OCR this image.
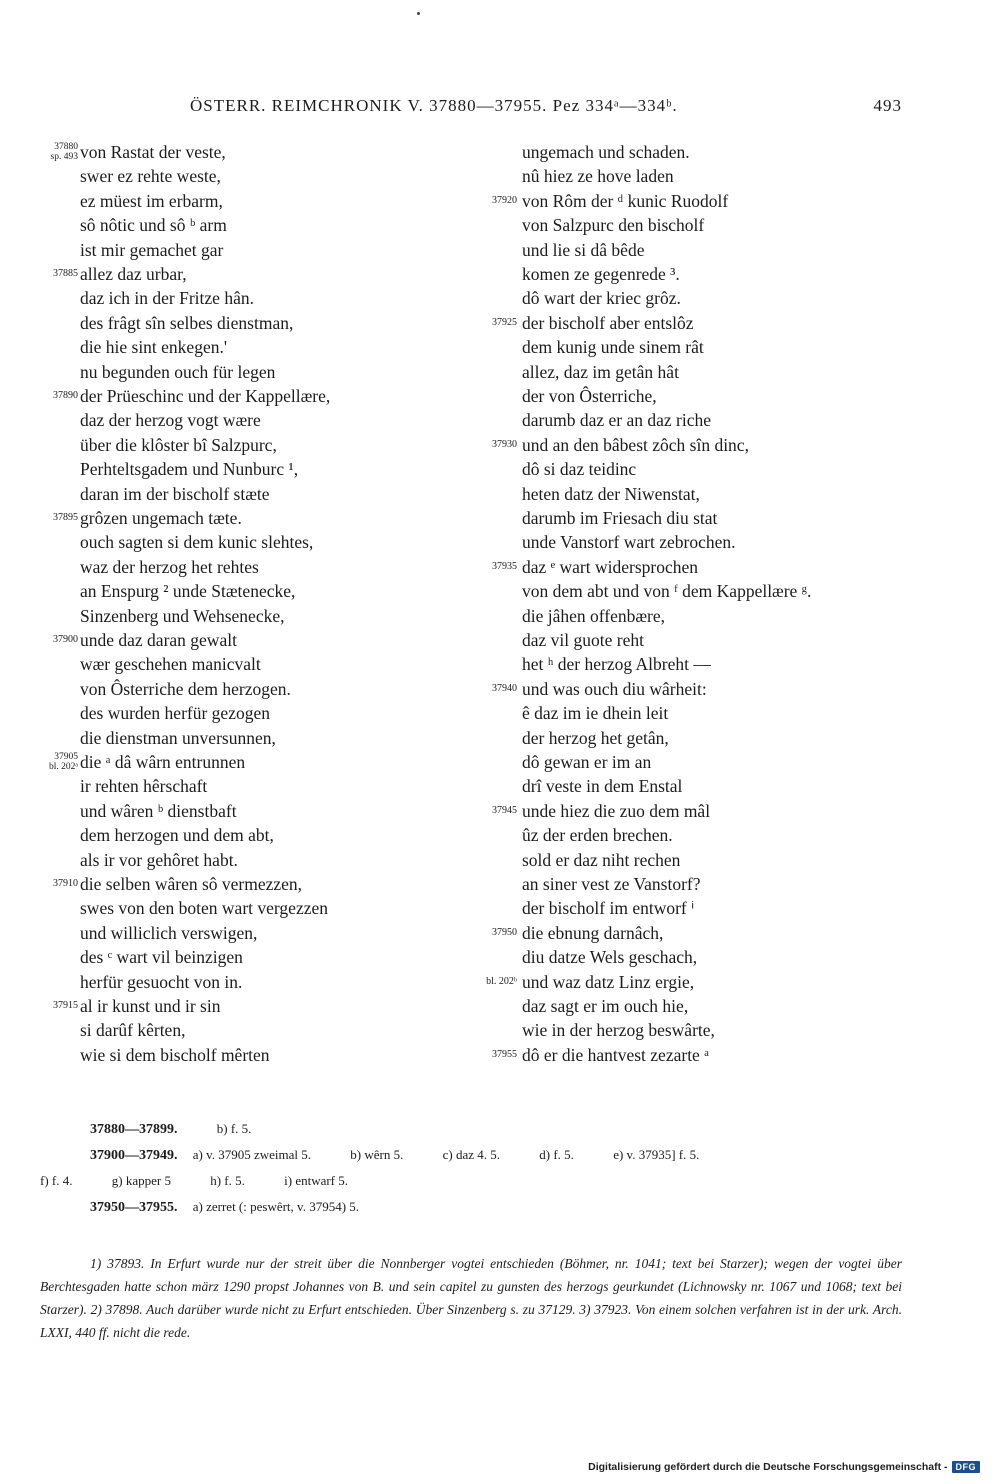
ÖSTERR. REIMCHRONIK V. 37880—37955. Pez 334ᵃ—334ᵇ.	493
37880
sp. 493
37885
37890
37895
37900
37905
bl. 202ᵃ
37910
37915
von Rastat der veste,
swer ez rehte weste,
ez müest im erbarm,
sô nôtic und sô ᵇ arm
ist mir gemachet gar
allez daz urbar,
daz ich in der Fritze hân.
des frâgt sîn selbes dienstman,
die hie sint enkegen.'
nu begunden ouch für legen
der Prüeschinc und der Kappellære,
daz der herzog vogt wære
über die klôster bî Salzpurc,
Perhteltsgadem und Nunburc ¹,
daran im der bischolf stæte
grôzen ungemach tæte.
ouch sagten si dem kunic slehtes,
waz der herzog het rehtes
an Enspurg ² unde Stætenecke,
Sinzenberg und Wehsenecke,
unde daz daran gewalt
wær geschehen manicvalt
von Ôsterriche dem herzogen.
des wurden herfür gezogen
die dienstman unversunnen,
die ᵃ dâ wârn entrunnen
ir rehten hêrschaft
und wâren ᵇ dienstbaft
dem herzogen und dem abt,
als ir vor gehôret habt.
die selben wâren sô vermezzen,
swes von den boten wart vergezzen
und williclich verswigen,
des ᶜ wart vil beinzigen
herfür gesuocht von in.
al ir kunst und ir sin
si darûf kêrten,
wie si dem bischolf mêrten
37920
37925
37930
37935
37940
37945
37950
bl. 202ᵇ
37955
ungemach und schaden.
nû hiez ze hove laden
von Rôm der ᵈ kunic Ruodolf
von Salzpurc den bischolf
und lie si dâ bêde
komen ze gegenrede ³.
dô wart der kriec grôz.
der bischolf aber entslôz
dem kunig unde sinem rât
allez, daz im getân hât
der von Ôsterriche,
darumb daz er an daz riche
und an den bâbest zôch sîn dinc,
dô si daz teidinc
heten datz der Niwenstat,
darumb im Friesach diu stat
unde Vanstorf wart zebrochen.
daz ᵉ wart widersprochen
von dem abt und von ᶠ dem Kappellære ᵍ.
die jâhen offenbære,
daz vil guote reht
het ʰ der herzog Albreht —
und was ouch diu wârheit:
ê daz im ie dhein leit
der herzog het getân,
dô gewan er im an
drî veste in dem Enstal
unde hiez die zuo dem mâl
ûz der erden brechen.
sold er daz niht rechen
an siner vest ze Vanstorf?
der bischolf im entworf ⁱ
die ebnung darnâch,
diu datze Wels geschach,
und waz datz Linz ergie,
daz sagt er im ouch hie,
wie in der herzog beswârte,
dô er die hantvest zezarte ᵃ
37880—37899.	b) f. 5.
37900—37949. a) v. 37905 zweimal 5.	b) wêrn 5.	c) daz 4. 5.	d) f. 5.	e) v. 37935] f. 5.
f) f. 4.	g) kapper 5	h) f. 5.	i) entwarf 5.
37950—37955. a) zerret (: peswêrt, v. 37954) 5.

1) 37893. In Erfurt wurde nur der streit über die Nonnberger vogtei entschieden (Böhmer, nr. 1041; text bei Starzer); wegen der vogtei über Berchtesgaden hatte schon märz 1290 propst Johannes von B. und sein capitel zu gunsten des herzogs geurkundet (Lichnowsky nr. 1067 und 1068; text bei Starzer). 2) 37898. Auch darüber wurde nicht zu Erfurt entschieden. Über Sinzenberg s. zu 37129. 3) 37923. Von einem solchen verfahren ist in der urk. Arch. LXXI, 440 ff. nicht die rede.

Digitalisierung gefördert durch die Deutsche Forschungsgemeinschaft - DFG
